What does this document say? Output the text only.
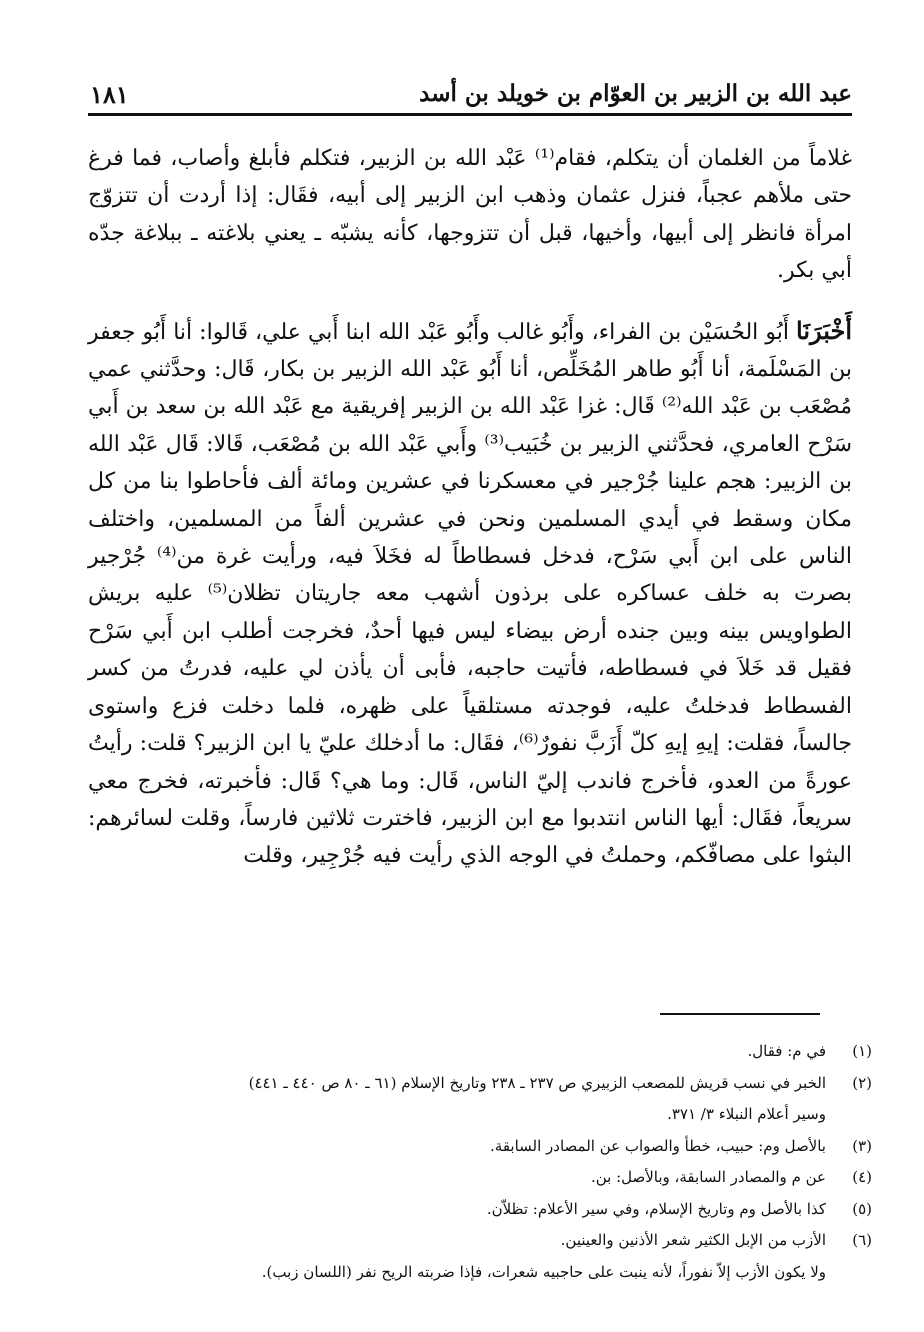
عبد الله بن الزبير بن العوّام بن خويلد بن أسد
١٨١

غلاماً من الغلمان أن يتكلم، فقام⁽¹⁾ عَبْد الله بن الزبير، فتكلم فأبلغ وأصاب، فما فرغ حتى ملأهم عجباً، فنزل عثمان وذهب ابن الزبير إلى أبيه، فقَال: إذا أردت أن تتزوّج امرأة فانظر إلى أبيها، وأخيها، قبل أن تتزوجها، كأنه يشبّه ـ يعني بلاغته ـ ببلاغة جدّه أبي بكر.

أَخْبَرَنَا أَبُو الحُسَيْن بن الفراء، وأَبُو غالب وأَبُو عَبْد الله ابنا أَبي علي، قَالوا: أنا أَبُو جعفر بن المَسْلَمة، أنا أَبُو طاهر المُخَلِّص، أنا أَبُو عَبْد الله الزبير بن بكار، قَال: وحدَّثني عمي مُصْعَب بن عَبْد الله⁽²⁾ قَال: غزا عَبْد الله بن الزبير إفريقية مع عَبْد الله بن سعد بن أَبي سَرْح العامري، فحدَّثني الزبير بن خُبَيب⁽³⁾ وأَبي عَبْد الله بن مُصْعَب، قَالا: قَال عَبْد الله بن الزبير: هجم علينا جُرْجير في معسكرنا في عشرين ومائة ألف فأحاطوا بنا من كل مكان وسقط في أيدي المسلمين ونحن في عشرين ألفاً من المسلمين، واختلف الناس على ابن أَبي سَرْح، فدخل فسطاطاً له فخَلاَ فيه، ورأيت غرة من⁽⁴⁾ جُرْجير بصرت به خلف عساكره على برذون أشهب معه جاريتان تظلان⁽⁵⁾ عليه بريش الطواويس بينه وبين جنده أرض بيضاء ليس فيها أحدٌ، فخرجت أطلب ابن أَبي سَرْح فقيل قد خَلاَ في فسطاطه، فأتيت حاجبه، فأبى أن يأذن لي عليه، فدرتُ من كسر الفسطاط فدخلتُ عليه، فوجدته مستلقياً على ظهره، فلما دخلت فزع واستوى جالساً، فقلت: إيهِ إيهِ كلّ أَزَبَّ نفورٌ⁽⁶⁾، فقَال: ما أدخلك عليّ يا ابن الزبير؟ قلت: رأيتُ عورةً من العدو، فأخرج فاندب إليّ الناس، قَال: وما هي؟ قَال: فأخبرته، فخرج معي سريعاً، فقَال: أيها الناس انتدبوا مع ابن الزبير، فاخترت ثلاثين فارساً، وقلت لسائرهم: البثوا على مصافّكم، وحملتُ في الوجه الذي رأيت فيه جُرْجِير، وقلت

(١)
في م: فقال.
(٢)
الخبر في نسب قريش للمصعب الزبيري ص ٢٣٧ ـ ٢٣٨ وتاريخ الإسلام (٦١ ـ ٨٠ ص ٤٤٠ ـ ٤٤١)
وسير أعلام النبلاء ٣/ ٣٧١.
(٣)
بالأصل وم: حبيب، خطأ والصواب عن المصادر السابقة.
(٤)
عن م والمصادر السابقة، وبالأصل: بن.
(٥)
كذا بالأصل وم وتاريخ الإسلام، وفي سير الأعلام: تظلاّن.
(٦)
الأزب من الإبل الكثير شعر الأذنين والعينين.
ولا يكون الأزب إلاّ نفوراً، لأنه ينبت على حاجبيه شعرات، فإذا ضربته الريح نفر (اللسان زبب).
